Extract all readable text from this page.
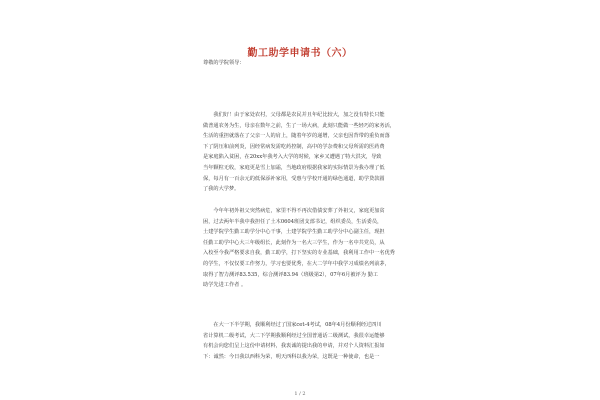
勤工助学申请书（六）

尊敬的学院领导：

我们好！由于家处农村，父母都是农民并且年纪比较大，加之没有特长只能

做普通农务为生，母亲在数年之前，生了一场大病，此刻只能做一些轻巧的家务活，

生活的重担就落在了父亲一人的肩上，随着年岁的递增，父亲也因背带的重负而落

下了阴压和前列炎，因经常病发需吃药控制，高中的学杂费和父母所需的医药费

是家庭陷入贫困，在20xx年我考入大学的时候，家乡又遭遇了特大洪灾，导致

当年颗粒无收，家庭更是雪上加霜，当地政府根据我家的实际情景为我办理了低

保，每月有一百余元的低保添补家用，受惠与学校开通的绿色通道，助学贷款圆

了我的大学梦。

今年年初外祖父突然病危，家里不得不再次借债安葬了外祖父，家庭更加贫

困，过去两年半我中我担任了土木0604班团支部书记，组织委员，生活委员，

土建学院学生勤工助学分中心干事，土建学院学生勤工助学分中心副主任，现担

任勤工助学中心大三年级组长，此刻作为一名大三学生，作为一名中共党员，从

入校至今我严格要求自我，勤工助学，打下坚实的专业基础，我利用工作中一名优秀

的学生，不仅仅要工作努力，学习也要优秀，在大二学年中我学习成绩名列前茅，

取得了智力测评83.535，综合测评83.94（班级第2），07年6月被评为 勤工

助学先进工作者 。

在大一下半学期，我顺利经过了国家cet-4考试，08年4月份顺利经过四川

省计算机二级考试，大二下学期我顺利经过全国普通话二级测试，我很幸运能够

有机会向您们呈上这份申请材料，我衷诚的提出我的申请，并对个人资料汇报如

下：诚然：今日我以西科为荣，明天西科以我为荣，这既是一种使命，也是一

1 / 2
